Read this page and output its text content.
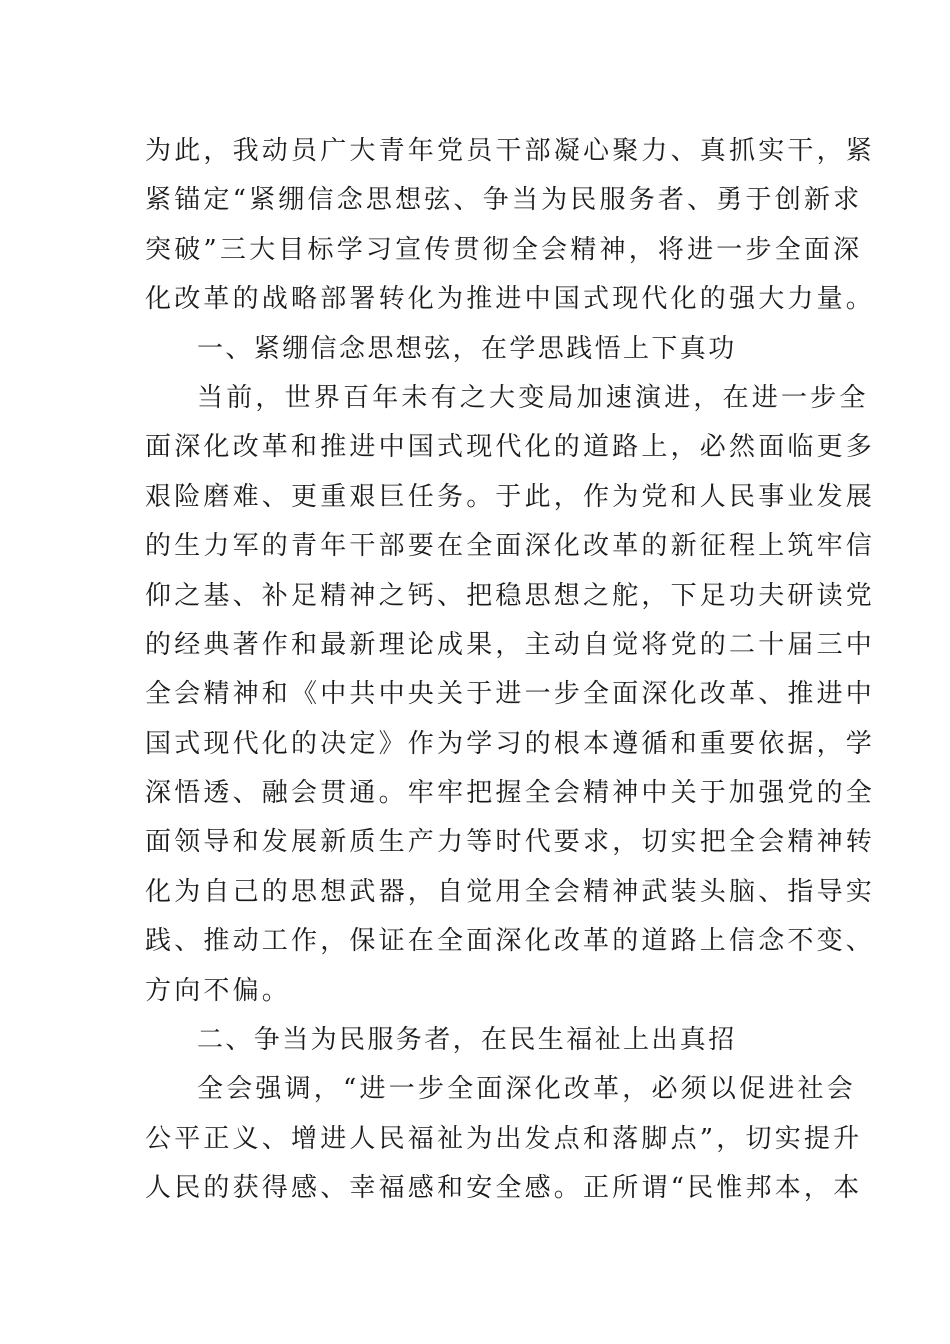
为此，我动员广大青年党员干部凝心聚力、真抓实干，紧
紧锚定“紧绷信念思想弦、争当为民服务者、勇于创新求
突破”三大目标学习宣传贯彻全会精神，将进一步全面深
化改革的战略部署转化为推进中国式现代化的强大力量。
一、紧绷信念思想弦，在学思践悟上下真功
当前，世界百年未有之大变局加速演进，在进一步全
面深化改革和推进中国式现代化的道路上，必然面临更多
艰险磨难、更重艰巨任务。于此，作为党和人民事业发展
的生力军的青年干部要在全面深化改革的新征程上筑牢信
仰之基、补足精神之钙、把稳思想之舵，下足功夫研读党
的经典著作和最新理论成果，主动自觉将党的二十届三中
全会精神和《中共中央关于进一步全面深化改革、推进中
国式现代化的决定》作为学习的根本遵循和重要依据，学
深悟透、融会贯通。牢牢把握全会精神中关于加强党的全
面领导和发展新质生产力等时代要求，切实把全会精神转
化为自己的思想武器，自觉用全会精神武装头脑、指导实
践、推动工作，保证在全面深化改革的道路上信念不变、
方向不偏。
二、争当为民服务者，在民生福祉上出真招
全会强调，“进一步全面深化改革，必须以促进社会
公平正义、增进人民福祉为出发点和落脚点”，切实提升
人民的获得感、幸福感和安全感。正所谓“民惟邦本，本
